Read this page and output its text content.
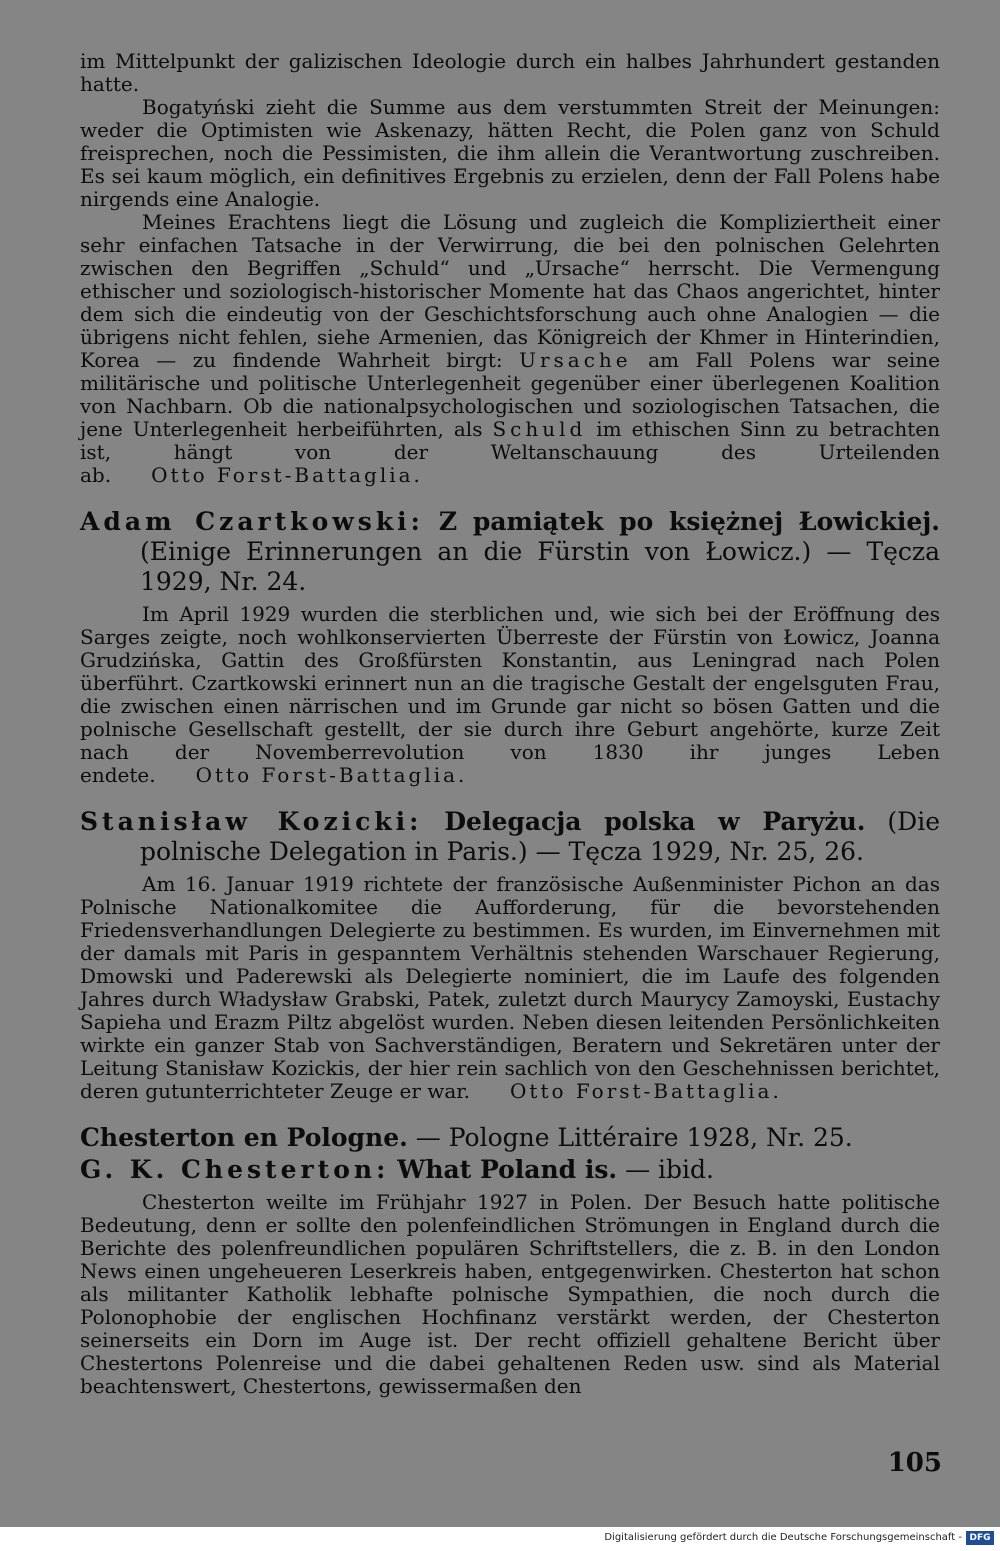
im Mittelpunkt der galizischen Ideologie durch ein halbes Jahrhundert gestanden hatte.

Bogatyński zieht die Summe aus dem verstummten Streit der Meinungen: weder die Optimisten wie Askenazy, hätten Recht, die Polen ganz von Schuld freisprechen, noch die Pessimisten, die ihm allein die Verantwortung zuschreiben. Es sei kaum möglich, ein definitives Ergebnis zu erzielen, denn der Fall Polens habe nirgends eine Analogie.

Meines Erachtens liegt die Lösung und zugleich die Kompliziertheit einer sehr einfachen Tatsache in der Verwirrung, die bei den polnischen Gelehrten zwischen den Begriffen „Schuld“ und „Ursache“ herrscht. Die Vermengung ethischer und soziologisch-historischer Momente hat das Chaos angerichtet, hinter dem sich die eindeutig von der Geschichtsforschung auch ohne Analogien — die übrigens nicht fehlen, siehe Armenien, das Königreich der Khmer in Hinterindien, Korea — zu findende Wahrheit birgt: Ursache am Fall Polens war seine militärische und politische Unterlegenheit gegenüber einer überlegenen Koalition von Nachbarn. Ob die nationalpsychologischen und soziologischen Tatsachen, die jene Unterlegenheit herbeiführten, als Schuld im ethischen Sinn zu betrachten ist, hängt von der Weltanschauung des Urteilenden ab. Otto Forst-Battaglia.

Adam Czartkowski: Z pamiątek po księżnej Łowickiej. (Einige Erinnerungen an die Fürstin von Łowicz.) — Tęcza 1929, Nr. 24.

Im April 1929 wurden die sterblichen und, wie sich bei der Eröffnung des Sarges zeigte, noch wohlkonservierten Überreste der Fürstin von Łowicz, Joanna Grudzińska, Gattin des Großfürsten Konstantin, aus Leningrad nach Polen überführt. Czartkowski erinnert nun an die tragische Gestalt der engelsguten Frau, die zwischen einen närrischen und im Grunde gar nicht so bösen Gatten und die polnische Gesellschaft gestellt, der sie durch ihre Geburt angehörte, kurze Zeit nach der Novemberrevolution von 1830 ihr junges Leben endete. Otto Forst-Battaglia.

Stanisław Kozicki: Delegacja polska w Paryżu. (Die polnische Delegation in Paris.) — Tęcza 1929, Nr. 25, 26.

Am 16. Januar 1919 richtete der französische Außenminister Pichon an das Polnische Nationalkomitee die Aufforderung, für die bevorstehenden Friedensverhandlungen Delegierte zu bestimmen. Es wurden, im Einvernehmen mit der damals mit Paris in gespanntem Verhältnis stehenden Warschauer Regierung, Dmowski und Paderewski als Delegierte nominiert, die im Laufe des folgenden Jahres durch Władysław Grabski, Patek, zuletzt durch Maurycy Zamoyski, Eustachy Sapieha und Erazm Piltz abgelöst wurden. Neben diesen leitenden Persönlichkeiten wirkte ein ganzer Stab von Sachverständigen, Beratern und Sekretären unter der Leitung Stanisław Kozickis, der hier rein sachlich von den Geschehnissen berichtet, deren gutunterrichteter Zeuge er war. Otto Forst-Battaglia.

Chesterton en Pologne. — Pologne Littéraire 1928, Nr. 25.

G. K. Chesterton: What Poland is. — ibid.

Chesterton weilte im Frühjahr 1927 in Polen. Der Besuch hatte politische Bedeutung, denn er sollte den polenfeindlichen Strömungen in England durch die Berichte des polenfreundlichen populären Schriftstellers, die z. B. in den London News einen ungeheueren Leserkreis haben, entgegenwirken. Chesterton hat schon als militanter Katholik lebhafte polnische Sympathien, die noch durch die Polonophobie der englischen Hochfinanz verstärkt werden, der Chesterton seinerseits ein Dorn im Auge ist. Der recht offiziell gehaltene Bericht über Chestertons Polenreise und die dabei gehaltenen Reden usw. sind als Material beachtenswert, Chestertons, gewissermaßen den

105
Digitalisierung gefördert durch die Deutsche Forschungsgemeinschaft - DFG
